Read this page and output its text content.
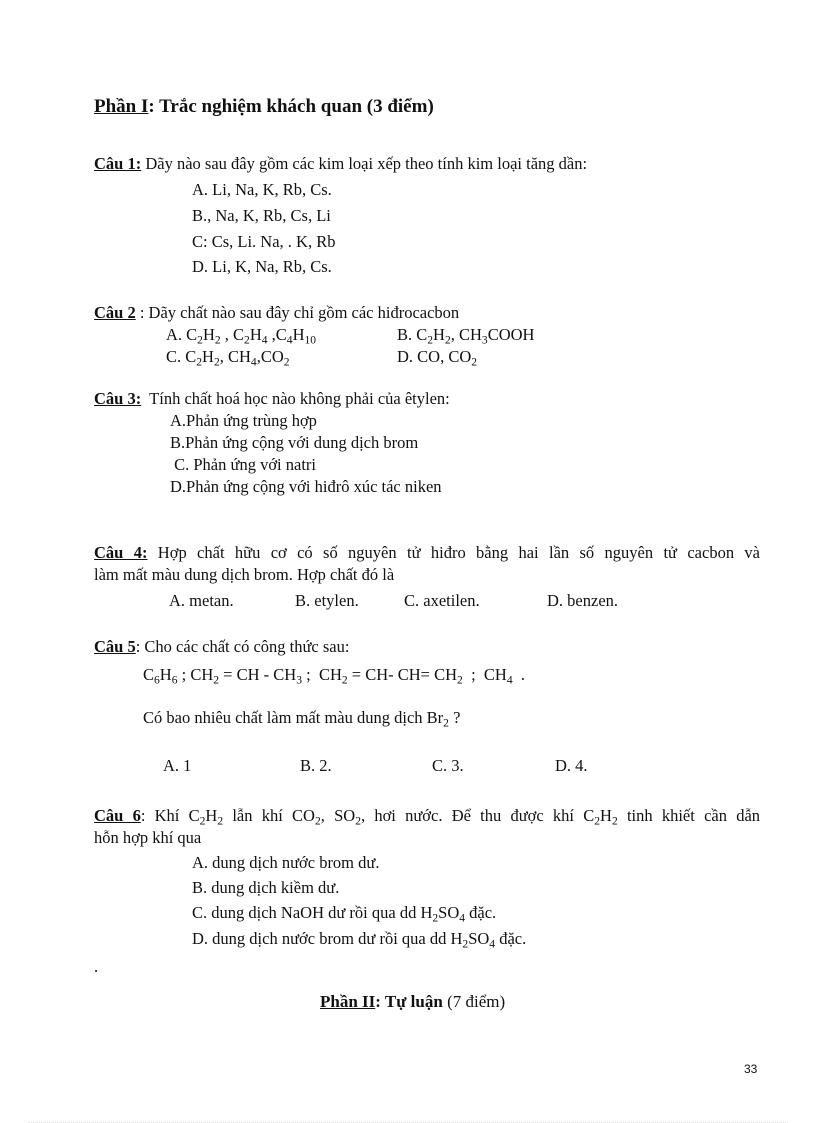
Phần I: Trắc nghiệm khách quan (3 điểm)
Câu 1: Dãy nào sau đây gồm các kim loại xếp theo tính kim loại tăng dần:
A. Li, Na, K, Rb, Cs.
B., Na, K, Rb, Cs, Li
C: Cs, Li. Na, . K, Rb
D. Li, K, Na, Rb, Cs.
Câu 2 : Dãy chất nào sau đây chỉ gồm các hiđrocacbon
A. $C_2H_2$ , $C_2H_4$ $,C_4H_{10}$	B. $C_2H_2$, $CH_3COOH$
C. $C_2H_2$, $CH_4,CO_2$	D. CO, $CO_2$
Câu 3:  Tính chất hoá học nào không phải của êtylen:
A.Phản ứng trùng hợp
B.Phản ứng cộng với dung dịch brom
C. Phản ứng với natri
D.Phản ứng cộng với hiđrô xúc tác niken
Câu 4: Hợp chất hữu cơ có số nguyên tử hiđro bằng hai lần số nguyên tử cacbon và
làm mất màu dung dịch brom. Hợp chất đó là
A. metan.	B. etylen.	C. axetilen.	D. benzen.
Câu 5: Cho các chất có công thức sau:
$C_6H_6$ ; $CH_2$ = CH - $CH_3$ ;  $CH_2 = CH-$ $CH= CH_2$  ;  $CH_4$  .
Có bao nhiêu chất làm mất màu dung dịch $Br_2$ ?
A. 1	B. 2.	C. 3.	D. 4.
Câu 6: Khí $C_2H_2$ lẫn khí $CO_2$, $SO_2$, hơi nước. Để thu được khí $C_2H_2$ tinh khiết cần dẫn
hỗn hợp khí qua
A. dung dịch nước brom dư.
B. dung dịch kiềm dư.
C. dung dịch NaOH dư rồi qua dd $H_2SO_4$ đặc.
D. dung dịch nước brom dư rồi qua dd $H_2SO_4$ đặc.
.
Phần II: Tự luận (7 điểm)
33
